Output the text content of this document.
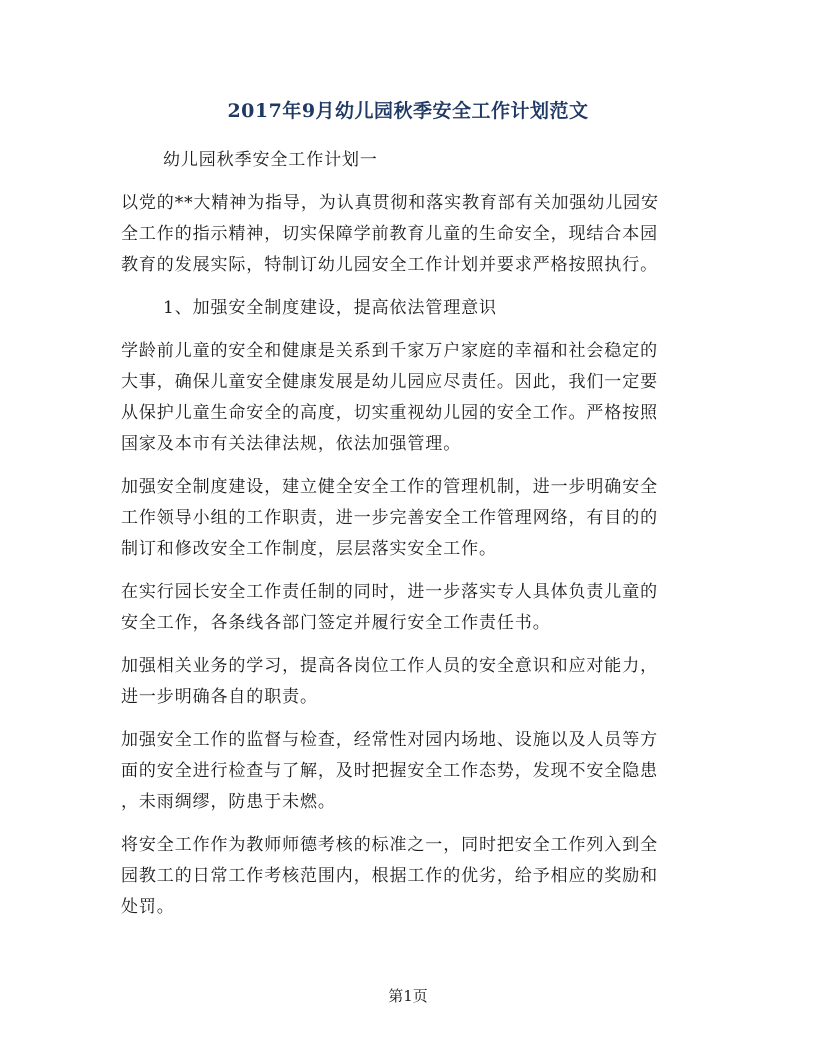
2017年9月幼儿园秋季安全工作计划范文
幼儿园秋季安全工作计划一
以党的**大精神为指导，为认真贯彻和落实教育部有关加强幼儿园安
全工作的指示精神，切实保障学前教育儿童的生命安全，现结合本园
教育的发展实际，特制订幼儿园安全工作计划并要求严格按照执行。
1、加强安全制度建设，提高依法管理意识
学龄前儿童的安全和健康是关系到千家万户家庭的幸福和社会稳定的
大事，确保儿童安全健康发展是幼儿园应尽责任。因此，我们一定要
从保护儿童生命安全的高度，切实重视幼儿园的安全工作。严格按照
国家及本市有关法律法规，依法加强管理。
加强安全制度建设，建立健全安全工作的管理机制，进一步明确安全
工作领导小组的工作职责，进一步完善安全工作管理网络，有目的的
制订和修改安全工作制度，层层落实安全工作。
在实行园长安全工作责任制的同时，进一步落实专人具体负责儿童的
安全工作，各条线各部门签定并履行安全工作责任书。
加强相关业务的学习，提高各岗位工作人员的安全意识和应对能力，
进一步明确各自的职责。
加强安全工作的监督与检查，经常性对园内场地、设施以及人员等方
面的安全进行检查与了解，及时把握安全工作态势，发现不安全隐患
，未雨绸缪，防患于未燃。
将安全工作作为教师师德考核的标准之一，同时把安全工作列入到全
园教工的日常工作考核范围内，根据工作的优劣，给予相应的奖励和
处罚。
第1页
